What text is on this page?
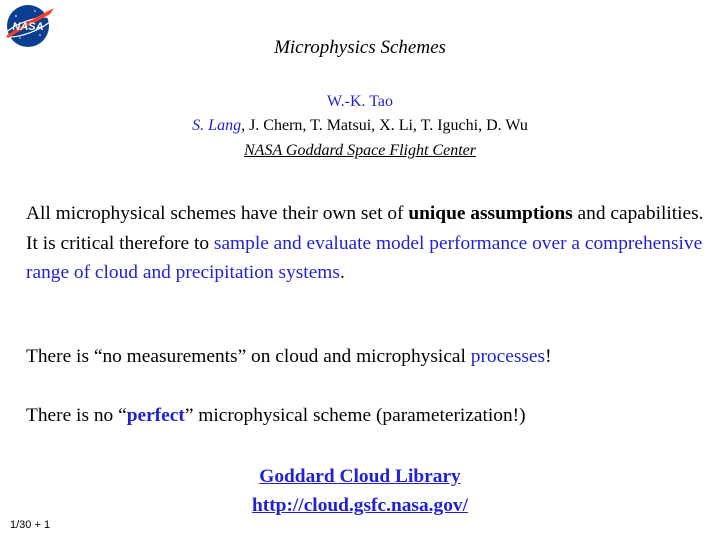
NASA
Microphysics Schemes
W.-K. Tao
S. Lang, J. Chern, T. Matsui, X. Li, T. Iguchi, D. Wu
NASA Goddard Space Flight Center
All microphysical schemes have their own set of unique assumptions and capabilities. It is critical therefore to sample and evaluate model performance over a comprehensive range of cloud and precipitation systems.
There is “no measurements” on cloud and microphysical processes!
There is no “perfect” microphysical scheme (parameterization!)
Goddard Cloud Library
http://cloud.gsfc.nasa.gov/
1/30 + 1
